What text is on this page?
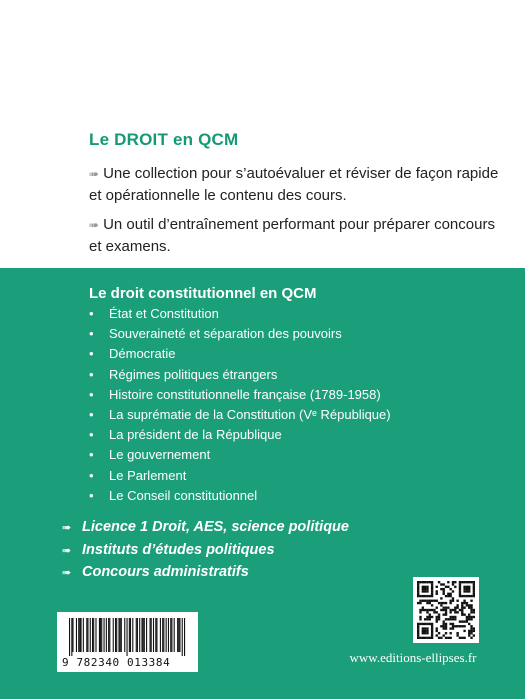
Le DROIT en QCM

➠ Une collection pour s’autoévaluer et réviser de façon rapide et opérationnelle le contenu des cours.

➠ Un outil d’entraînement performant pour préparer concours et examens.

Le droit constitutionnel en QCM
• État et Constitution
• Souveraineté et séparation des pouvoirs
• Démocratie
• Régimes politiques étrangers
• Histoire constitutionnelle française (1789-1958)
• La suprématie de la Constitution (Vᵉ République)
• La président de la République
• Le gouvernement
• Le Parlement
• Le Conseil constitutionnel
➠ Licence 1 Droit, AES, science politique
➠ Instituts d’études politiques
➠ Concours administratifs
9 782340 013384	www.editions-ellipses.fr
